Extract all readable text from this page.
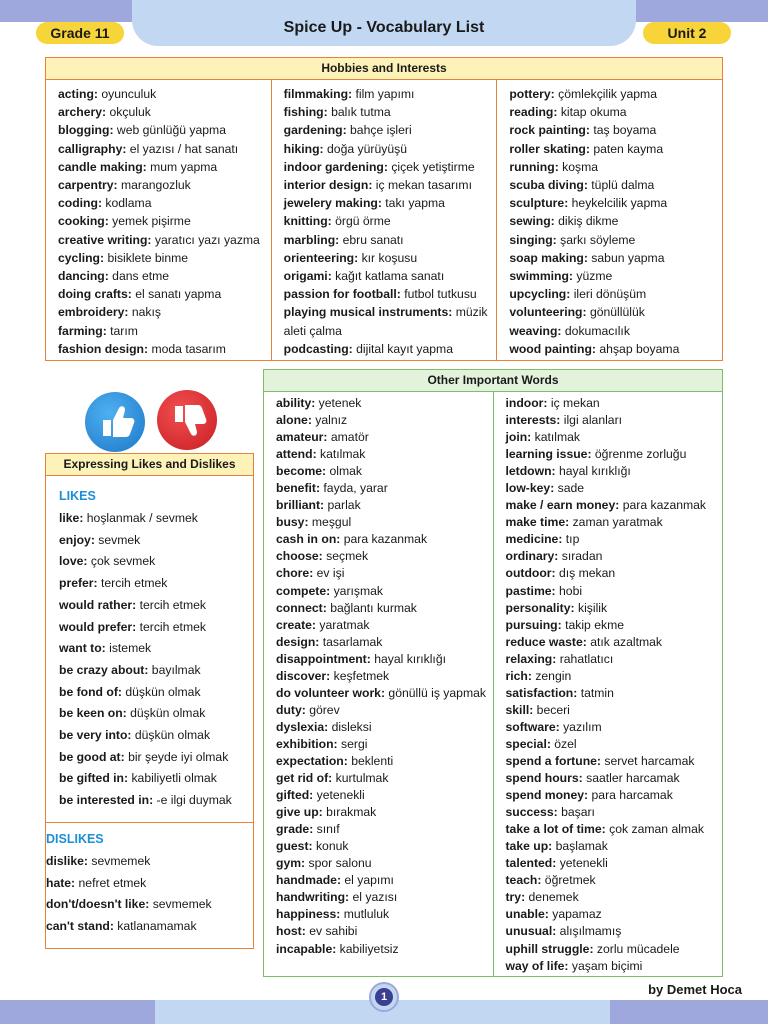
Spice Up - Vocabulary List
Grade 11	Unit 2
Hobbies and Interests
acting: oyunculuk
archery: okçuluk
blogging: web günlüğü yapma
calligraphy: el yazısı / hat sanatı
candle making: mum yapma
carpentry: marangozluk
coding: kodlama
cooking: yemek pişirme
creative writing: yaratıcı yazı yazma
cycling: bisiklete binme
dancing: dans etme
doing crafts: el sanatı yapma
embroidery: nakış
farming: tarım
fashion design: moda tasarım
filmmaking: film yapımı
fishing: balık tutma
gardening: bahçe işleri
hiking: doğa yürüyüşü
indoor gardening: çiçek yetiştirme
interior design: iç mekan tasarımı
jewelery making: takı yapma
knitting: örgü örme
marbling: ebru sanatı
orienteering: kır koşusu
origami: kağıt katlama sanatı
passion for football: futbol tutkusu
playing musical instruments: müzik aleti çalma
podcasting: dijital kayıt yapma
pottery: çömlekçilik yapma
reading: kitap okuma
rock painting: taş boyama
roller skating: paten kayma
running: koşma
scuba diving: tüplü dalma
sculpture: heykelcilik yapma
sewing: dikiş dikme
singing: şarkı söyleme
soap making: sabun yapma
swimming: yüzme
upcycling: ileri dönüşüm
volunteering: gönüllülük
weaving: dokumacılık
wood painting: ahşap boyama
Expressing Likes and Dislikes
LIKES
like: hoşlanmak / sevmek
enjoy: sevmek
love: çok sevmek
prefer: tercih etmek
would rather: tercih etmek
would prefer: tercih etmek
want to: istemek
be crazy about: bayılmak
be fond of: düşkün olmak
be keen on: düşkün olmak
be very into: düşkün olmak
be good at: bir şeyde iyi olmak
be gifted in: kabiliyetli olmak
be interested in: -e ilgi duymak
DISLIKES
dislike: sevmemek
hate: nefret etmek
don't/doesn't like: sevmemek
can't stand: katlanamamak
Other Important Words
ability: yetenek
alone: yalnız
amateur: amatör
attend: katılmak
become: olmak
benefit: fayda, yarar
brilliant: parlak
busy: meşgul
cash in on: para kazanmak
choose: seçmek
chore: ev işi
compete: yarışmak
connect: bağlantı kurmak
create: yaratmak
design: tasarlamak
disappointment: hayal kırıklığı
discover: keşfetmek
do volunteer work: gönüllü iş yapmak
duty: görev
dyslexia: disleksi
exhibition: sergi
expectation: beklenti
get rid of: kurtulmak
gifted: yetenekli
give up: bırakmak
grade: sınıf
guest: konuk
gym: spor salonu
handmade: el yapımı
handwriting: el yazısı
happiness: mutluluk
host: ev sahibi
incapable: kabiliyetsiz
indoor: iç mekan
interests: ilgi alanları
join: katılmak
learning issue: öğrenme zorluğu
letdown: hayal kırıklığı
low-key: sade
make / earn money: para kazanmak
make time: zaman yaratmak
medicine: tıp
ordinary: sıradan
outdoor: dış mekan
pastime: hobi
personality: kişilik
pursuing: takip ekme
reduce waste: atık azaltmak
relaxing: rahatlatıcı
rich: zengin
satisfaction: tatmin
skill: beceri
software: yazılım
special: özel
spend a fortune: servet harcamak
spend hours: saatler harcamak
spend money: para harcamak
success: başarı
take a lot of time: çok zaman almak
take up: başlamak
talented: yetenekli
teach: öğretmek
try: denemek
unable: yapamaz
unusual: alışılmamış
uphill struggle: zorlu mücadele
way of life: yaşam biçimi
1	by Demet Hoca
